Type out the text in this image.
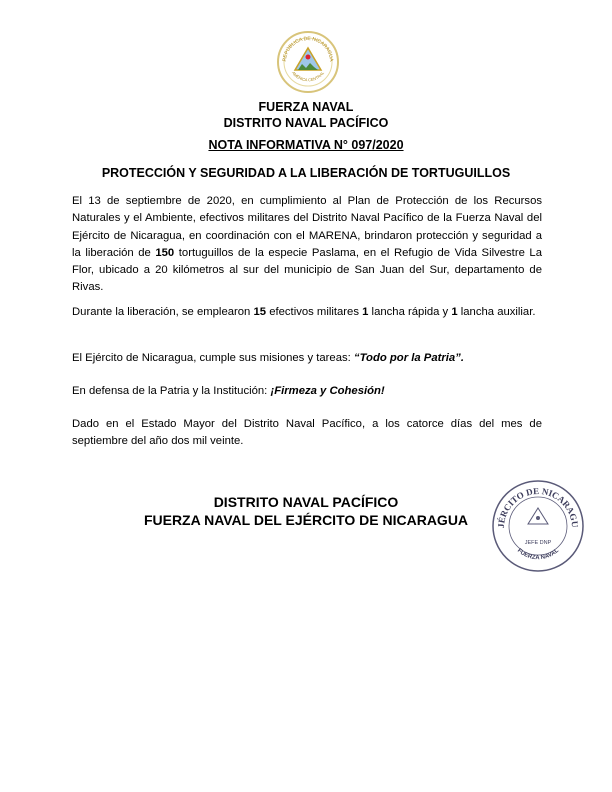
REPÚBLICA DE NICARAGUA
AMÉRICA CENTRAL
FUERZA NAVAL
DISTRITO NAVAL PACÍFICO
NOTA INFORMATIVA N° 097/2020
PROTECCIÓN Y SEGURIDAD A LA LIBERACIÓN DE TORTUGUILLOS
El 13 de septiembre de 2020, en cumplimiento al Plan de Protección de los Recursos Naturales y el Ambiente, efectivos militares del Distrito Naval Pacífico de la Fuerza Naval del Ejército de Nicaragua, en coordinación con el MARENA, brindaron protección y seguridad a la liberación de 150 tortuguillos de la especie Paslama, en el Refugio de Vida Silvestre La Flor, ubicado a 20 kilómetros al sur del municipio de San Juan del Sur, departamento de Rivas.
Durante la liberación, se emplearon 15 efectivos militares 1 lancha rápida y 1 lancha auxiliar.
El Ejército de Nicaragua, cumple sus misiones y tareas: “Todo por la Patria”.
En defensa de la Patria y la Institución: ¡Firmeza y Cohesión!
Dado en el Estado Mayor del Distrito Naval Pacífico, a los catorce días del mes de septiembre del año dos mil veinte.
DISTRITO NAVAL PACÍFICO
FUERZA NAVAL DEL EJÉRCITO DE NICARAGUA	JÉRCITO DE NICARAGU
FUERZA NAVAL
JEFE DNP
